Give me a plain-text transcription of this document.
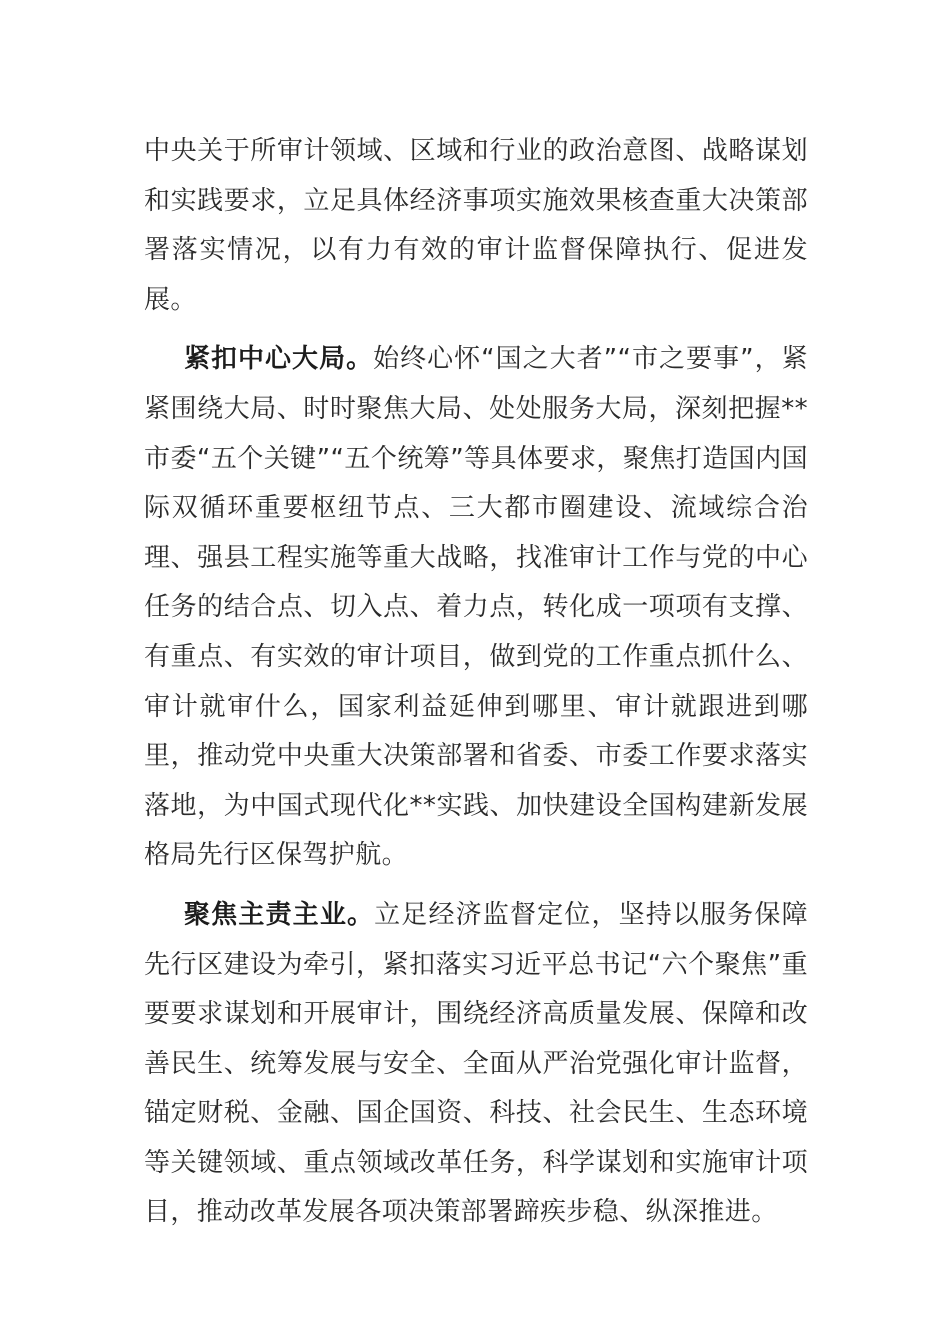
中央关于所审计领域、区域和行业的政治意图、战略谋划和实践要求，立足具体经济事项实施效果核查重大决策部署落实情况，以有力有效的审计监督保障执行、促进发展。

紧扣中心大局。始终心怀“国之大者”“市之要事”，紧紧围绕大局、时时聚焦大局、处处服务大局，深刻把握**市委“五个关键”“五个统筹”等具体要求，聚焦打造国内国际双循环重要枢纽节点、三大都市圈建设、流域综合治理、强县工程实施等重大战略，找准审计工作与党的中心任务的结合点、切入点、着力点，转化成一项项有支撑、有重点、有实效的审计项目，做到党的工作重点抓什么、审计就审什么，国家利益延伸到哪里、审计就跟进到哪里，推动党中央重大决策部署和省委、市委工作要求落实落地，为中国式现代化**实践、加快建设全国构建新发展格局先行区保驾护航。

聚焦主责主业。立足经济监督定位，坚持以服务保障先行区建设为牵引，紧扣落实习近平总书记“六个聚焦”重要要求谋划和开展审计，围绕经济高质量发展、保障和改善民生、统筹发展与安全、全面从严治党强化审计监督，锚定财税、金融、国企国资、科技、社会民生、生态环境等关键领域、重点领域改革任务，科学谋划和实施审计项目，推动改革发展各项决策部署蹄疾步稳、纵深推进。
